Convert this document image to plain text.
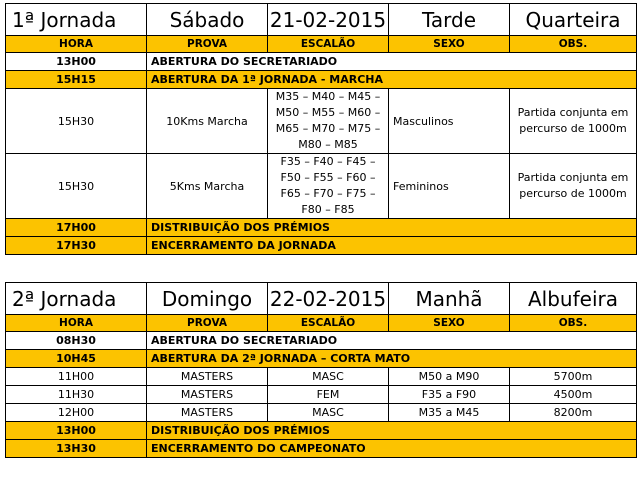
1ª Jornada	Sábado	21-02-2015	Tarde	Quarteira
HORA	PROVA	ESCALÃO	SEXO	OBS.
13H00	ABERTURA DO SECRETARIADO			
15H15	ABERTURA DA 1ª JORNADA - MARCHA			
15H30	10Kms Marcha	M35 – M40 – M45 – M50 – M55 – M60 – M65 – M70 – M75 – M80 – M85	Masculinos	Partida conjunta em percurso de 1000m
15H30	5Kms Marcha	F35 – F40 – F45 – F50 – F55 – F60 – F65 – F70 – F75 – F80 – F85	Femininos	Partida conjunta em percurso de 1000m
17H00	DISTRIBUIÇÃO DOS PRÉMIOS			
17H30	ENCERRAMENTO DA JORNADA			
2ª Jornada	Domingo	22-02-2015	Manhã	Albufeira
HORA	PROVA	ESCALÃO	SEXO	OBS.
08H30	ABERTURA DO SECRETARIADO			
10H45	ABERTURA DA 2ª JORNADA – CORTA MATO			
11H00	MASTERS	MASC	M50 a M90	5700m
11H30	MASTERS	FEM	F35 a F90	4500m
12H00	MASTERS	MASC	M35 a M45	8200m
13H00	DISTRIBUIÇÃO DOS PRÉMIOS			
13H30	ENCERRAMENTO DO CAMPEONATO			
